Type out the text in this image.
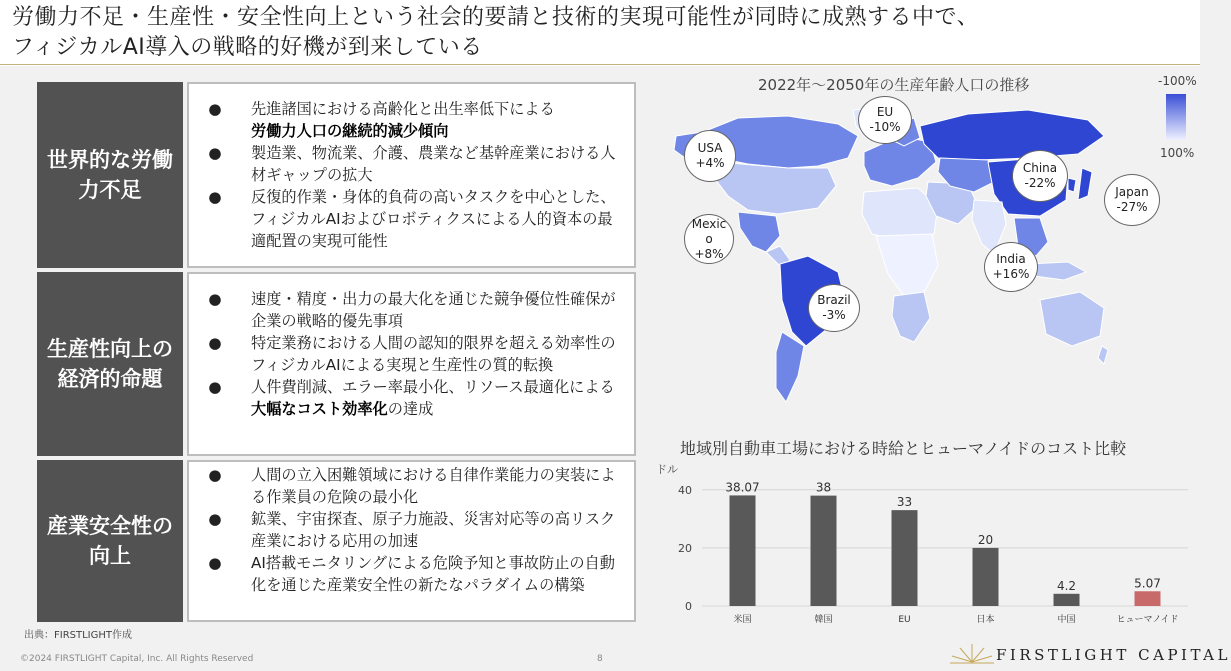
労働力不足・生産性・安全性向上という社会的要請と技術的実現可能性が同時に成熟する中で、
フィジカルAI導入の戦略的好機が到来している
世界的な労働力不足
● 先進諸国における高齢化と出生率低下による
労働力人口の継続的減少傾向
● 製造業、物流業、介護、農業など基幹産業における人材ギャップの拡大
● 反復的作業・身体的負荷の高いタスクを中心とした、フィジカルAIおよびロボティクスによる人的資本の最適配置の実現可能性
生産性向上の経済的命題
● 速度・精度・出力の最大化を通じた競争優位性確保が企業の戦略的優先事項
● 特定業務における人間の認知的限界を超える効率性のフィジカルAIによる実現と生産性の質的転換
● 人件費削減、エラー率最小化、リソース最適化による大幅なコスト効率化の達成
産業安全性の向上
● 人間の立入困難領域における自律作業能力の実装による作業員の危険の最小化
● 鉱業、宇宙探査、原子力施設、災害対応等の高リスク産業における応用の加速
● AI搭載モニタリングによる危険予知と事故防止の自動化を通じた産業安全性の新たなパラダイムの構築
2022年～2050年の生産年齢人口の推移	-100%
100%
EU
-10%
USA
+4%	China
-22%
Japan
-27%
Mexico
+8%	India
+16%
Brazil
-3%
地域別自動車工場における時給とヒューマノイドのコスト比較
ドル
0
20
40	38.07
米国
38
韓国
33
EU
20
日本
4.2
中国
5.07
ヒューマノイド
出典：FIRSTLIGHT作成
©2024 FIRSTLIGHT Capital, Inc. All Rights Reserved	8	FIRSTLIGHT CAPITAL
